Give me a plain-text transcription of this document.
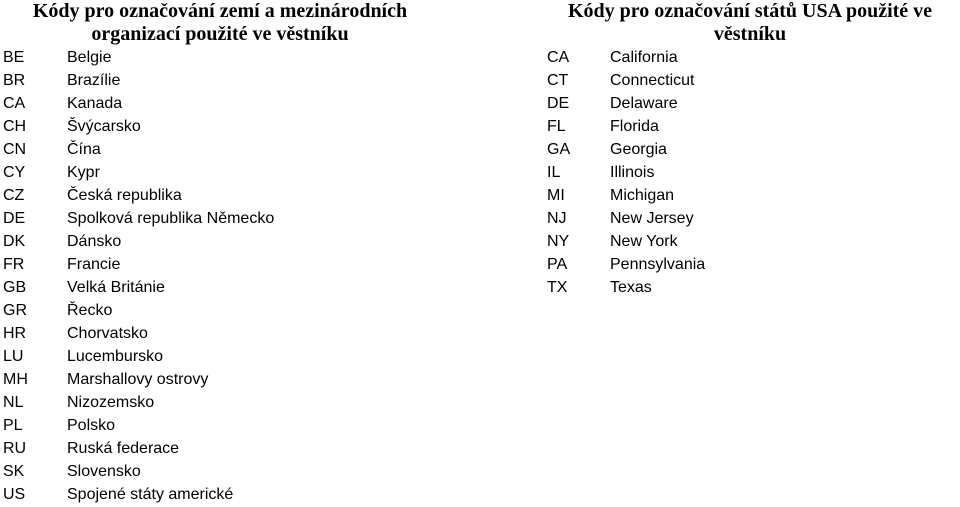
Kódy pro označování zemí a mezinárodních organizací použité ve věstníku
BE	Belgie
BR	Brazílie
CA	Kanada
CH	Švýcarsko
CN	Čína
CY	Kypr
CZ	Česká republika
DE	Spolková republika Německo
DK	Dánsko
FR	Francie
GB	Velká Británie
GR	Řecko
HR	Chorvatsko
LU	Lucembursko
MH	Marshallovy ostrovy
NL	Nizozemsko
PL	Polsko
RU	Ruská federace
SK	Slovensko
US	Spojené státy americké
Kódy pro označování států USA použité ve věstníku
CA	California
CT	Connecticut
DE	Delaware
FL	Florida
GA	Georgia
IL	Illinois
MI	Michigan
NJ	New Jersey
NY	New York
PA	Pennsylvania
TX	Texas
